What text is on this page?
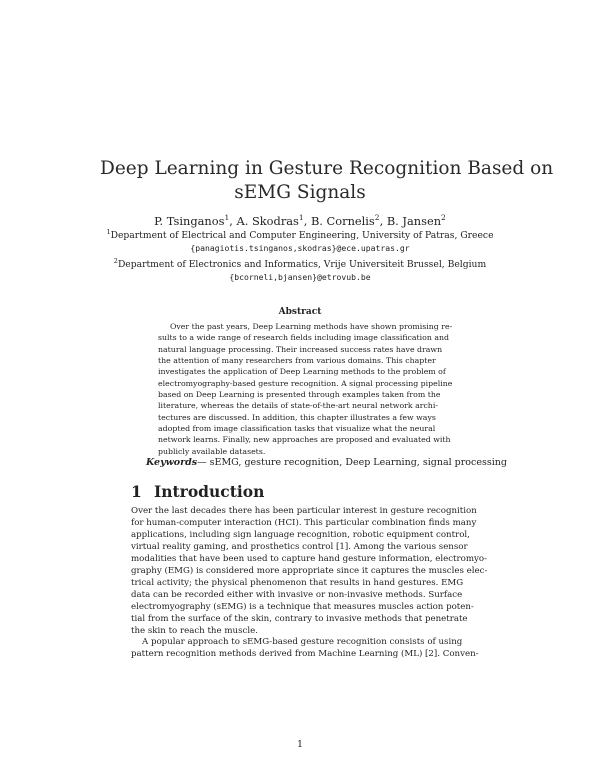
Deep Learning in Gesture Recognition Based on
sEMG Signals
P. Tsinganos$^1$, A. Skodras$^1$, B. Cornelis$^2$, B. Jansen$^2$
$^1$Department of Electrical and Computer Engineering, University of Patras, Greece
{panagiotis.tsinganos,skodras}@ece.upatras.gr
$^2$Department of Electronics and Informatics, Vrije Universiteit Brussel, Belgium
{bcorneli,bjansen}@etrovub.be
Abstract
Over the past years, Deep Learning methods have shown promising re-
sults to a wide range of research fields including image classification and
natural language processing. Their increased success rates have drawn
the attention of many researchers from various domains. This chapter
investigates the application of Deep Learning methods to the problem of
electromyography-based gesture recognition. A signal processing pipeline
based on Deep Learning is presented through examples taken from the
literature, whereas the details of state-of-the-art neural network archi-
tectures are discussed. In addition, this chapter illustrates a few ways
adopted from image classification tasks that visualize what the neural
network learns. Finally, new approaches are proposed and evaluated with
publicly available datasets.
Keywords— sEMG, gesture recognition, Deep Learning, signal processing
1 Introduction
Over the last decades there has been particular interest in gesture recognition
for human-computer interaction (HCI). This particular combination finds many
applications, including sign language recognition, robotic equipment control,
virtual reality gaming, and prosthetics control [1]. Among the various sensor
modalities that have been used to capture hand gesture information, electromyo-
graphy (EMG) is considered more appropriate since it captures the muscles elec-
trical activity; the physical phenomenon that results in hand gestures. EMG
data can be recorded either with invasive or non-invasive methods. Surface
electromyography (sEMG) is a technique that measures muscles action poten-
tial from the surface of the skin, contrary to invasive methods that penetrate
the skin to reach the muscle.
A popular approach to sEMG-based gesture recognition consists of using
pattern recognition methods derived from Machine Learning (ML) [2]. Conven-
1
